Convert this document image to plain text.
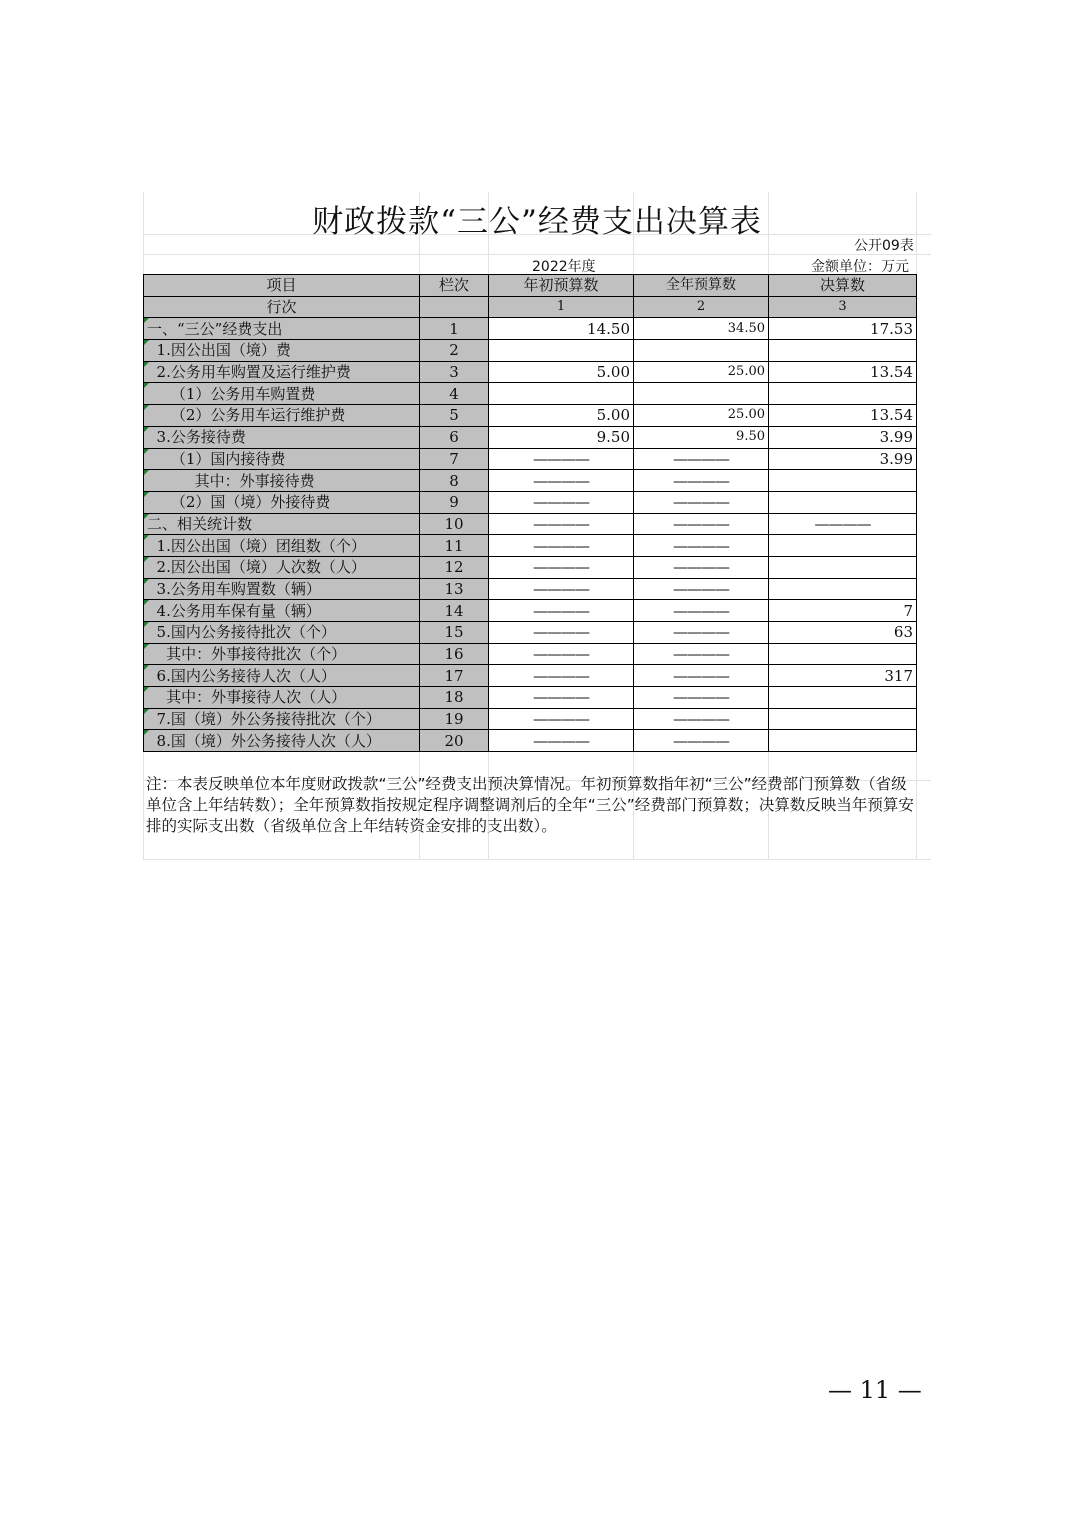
财政拨款“三公”经费支出决算表
公开09表
2022年度	金额单位：万元
项目	栏次	年初预算数	全年预算数	决算数
行次		1	2	3
一、“三公”经费支出	1	14.50	34.50	17.53
1.因公出国（境）费	2			
2.公务用车购置及运行维护费	3	5.00	25.00	13.54
（1）公务用车购置费	4			
（2）公务用车运行维护费	5	5.00	25.00	13.54
3.公务接待费	6	9.50	9.50	3.99
（1）国内接待费	7	————	————	3.99
其中：外事接待费	8	————	————	
（2）国（境）外接待费	9	————	————	
二、相关统计数	10	————	————	————
1.因公出国（境）团组数（个）	11	————	————	
2.因公出国（境）人次数（人）	12	————	————	
3.公务用车购置数（辆）	13	————	————	
4.公务用车保有量（辆）	14	————	————	7
5.国内公务接待批次（个）	15	————	————	63
其中：外事接待批次（个）	16	————	————	
6.国内公务接待人次（人）	17	————	————	317
其中：外事接待人次（人）	18	————	————	
7.国（境）外公务接待批次（个）	19	————	————	
8.国（境）外公务接待人次（人）	20	————	————	
注：本表反映单位本年度财政拨款“三公”经费支出预决算情况。年初预算数指年初“三公”经费部门预算数（省级单位含上年结转数）；全年预算数指按规定程序调整调剂后的全年“三公”经费部门预算数；决算数反映当年预算安排的实际支出数（省级单位含上年结转资金安排的支出数）。
— 11 —
